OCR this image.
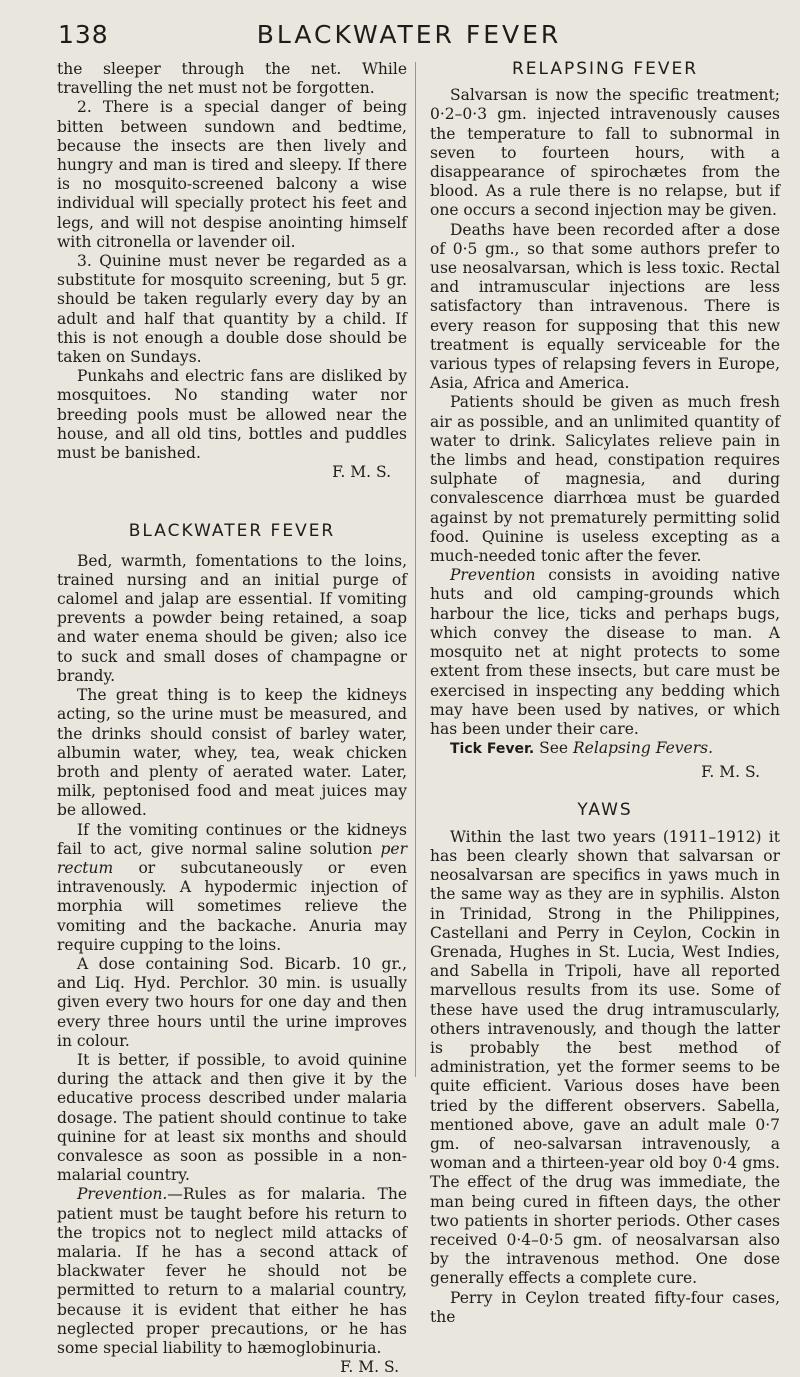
138	BLACKWATER FEVER

the sleeper through the net. While travelling the net must not be forgotten.

2. There is a special danger of being bitten between sundown and bedtime, because the insects are then lively and hungry and man is tired and sleepy. If there is no mosquito-screened balcony a wise individual will specially protect his feet and legs, and will not despise anointing himself with citronella or lavender oil.

3. Quinine must never be regarded as a substitute for mosquito screening, but 5 gr. should be taken regularly every day by an adult and half that quantity by a child. If this is not enough a double dose should be taken on Sundays.

Punkahs and electric fans are disliked by mosquitoes. No standing water nor breeding pools must be allowed near the house, and all old tins, bottles and puddles must be banished.
F. M. S.

BLACKWATER FEVER

Bed, warmth, fomentations to the loins, trained nursing and an initial purge of calomel and jalap are essential. If vomiting prevents a powder being retained, a soap and water enema should be given; also ice to suck and small doses of champagne or brandy.

The great thing is to keep the kidneys acting, so the urine must be measured, and the drinks should consist of barley water, albumin water, whey, tea, weak chicken broth and plenty of aerated water. Later, milk, peptonised food and meat juices may be allowed.

If the vomiting continues or the kidneys fail to act, give normal saline solution per rectum or subcutaneously or even intravenously. A hypodermic injection of morphia will sometimes relieve the vomiting and the backache. Anuria may require cupping to the loins.

A dose containing Sod. Bicarb. 10 gr., and Liq. Hyd. Perchlor. 30 min. is usually given every two hours for one day and then every three hours until the urine improves in colour.

It is better, if possible, to avoid quinine during the attack and then give it by the educative process described under malaria dosage. The patient should continue to take quinine for at least six months and should convalesce as soon as possible in a non-malarial country.

Prevention.—Rules as for malaria. The patient must be taught before his return to the tropics not to neglect mild attacks of malaria. If he has a second attack of blackwater fever he should not be permitted to return to a malarial country, because it is evident that either he has neglected proper precautions, or he has some special liability to hæmoglobinuria.
F. M. S.

RELAPSING FEVER

Salvarsan is now the specific treatment; 0·2–0·3 gm. injected intravenously causes the temperature to fall to subnormal in seven to fourteen hours, with a disappearance of spirochætes from the blood. As a rule there is no relapse, but if one occurs a second injection may be given.

Deaths have been recorded after a dose of 0·5 gm., so that some authors prefer to use neosalvarsan, which is less toxic. Rectal and intramuscular injections are less satisfactory than intravenous. There is every reason for supposing that this new treatment is equally serviceable for the various types of relapsing fevers in Europe, Asia, Africa and America.

Patients should be given as much fresh air as possible, and an unlimited quantity of water to drink. Salicylates relieve pain in the limbs and head, constipation requires sulphate of magnesia, and during convalescence diarrhœa must be guarded against by not prematurely permitting solid food. Quinine is useless excepting as a much-needed tonic after the fever.

Prevention consists in avoiding native huts and old camping-grounds which harbour the lice, ticks and perhaps bugs, which convey the disease to man. A mosquito net at night protects to some extent from these insects, but care must be exercised in inspecting any bedding which may have been used by natives, or which has been under their care.

Tick Fever. See Relapsing Fevers.

F. M. S.
YAWS

Within the last two years (1911–1912) it has been clearly shown that salvarsan or neosalvarsan are specifics in yaws much in the same way as they are in syphilis. Alston in Trinidad, Strong in the Philippines, Castellani and Perry in Ceylon, Cockin in Grenada, Hughes in St. Lucia, West Indies, and Sabella in Tripoli, have all reported marvellous results from its use. Some of these have used the drug intramuscularly, others intravenously, and though the latter is probably the best method of administration, yet the former seems to be quite efficient. Various doses have been tried by the different observers. Sabella, mentioned above, gave an adult male 0·7 gm. of neo-salvarsan intravenously, a woman and a thirteen-year old boy 0·4 gms. The effect of the drug was immediate, the man being cured in fifteen days, the other two patients in shorter periods. Other cases received 0·4–0·5 gm. of neosalvarsan also by the intravenous method. One dose generally effects a complete cure.

Perry in Ceylon treated fifty-four cases, the
